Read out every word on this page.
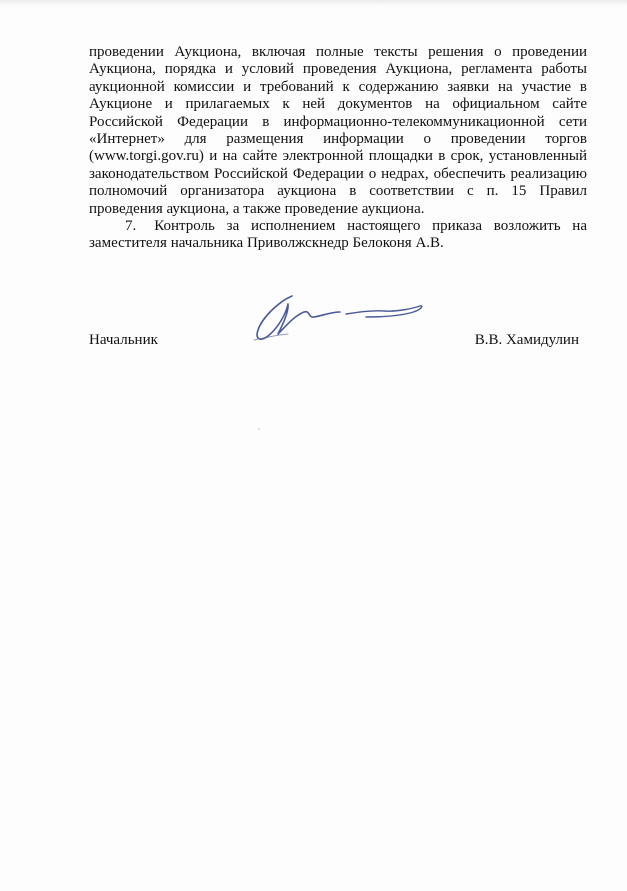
проведении Аукциона, включая полные тексты решения о проведении Аукциона, порядка и условий проведения Аукциона, регламента работы аукционной комиссии и требований к содержанию заявки на участие в Аукционе и прилагаемых к ней документов на официальном сайте Российской Федерации в информационно-телекоммуникационной сети «Интернет» для размещения информации о проведении торгов (www.torgi.gov.ru) и на сайте электронной площадки в срок, установленный законодательством Российской Федерации о недрах, обеспечить реализацию полномочий организатора аукциона в соответствии с п. 15 Правил проведения аукциона, а также проведение аукциона.

7. Контроль за исполнением настоящего приказа возложить на заместителя начальника Приволжскнедр Белоконя А.В.

Начальник	В.В. Хамидулин
